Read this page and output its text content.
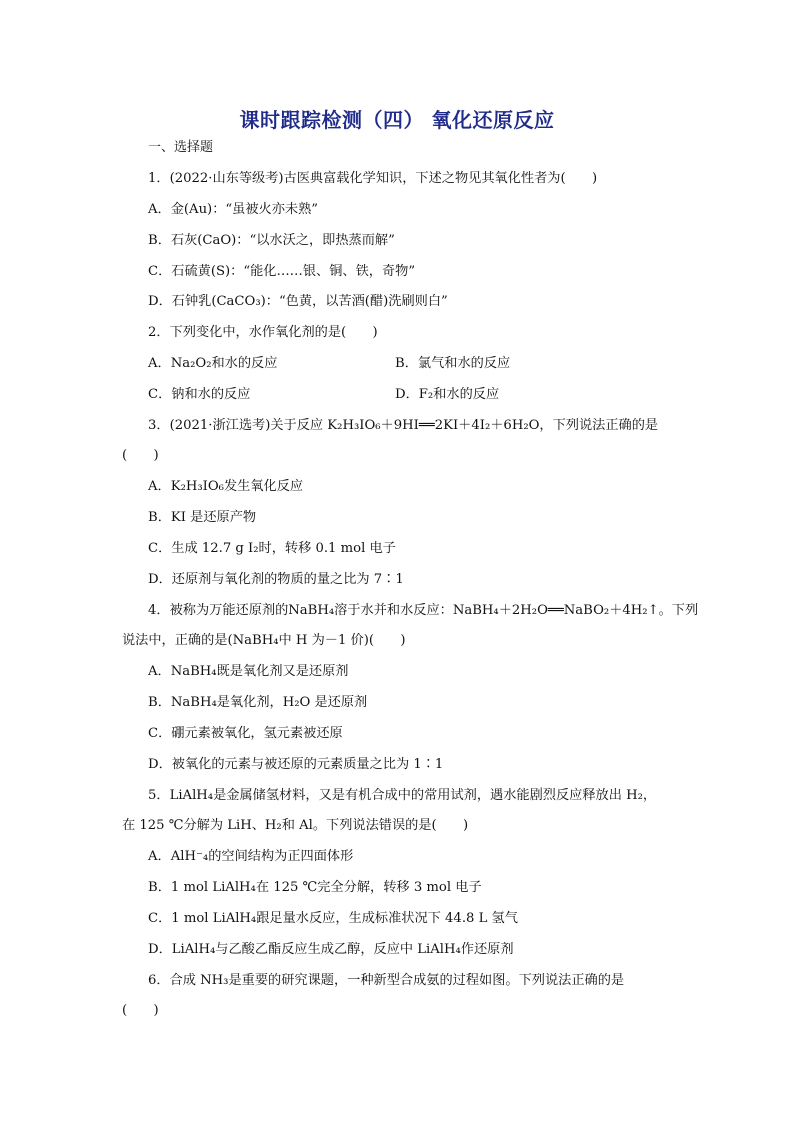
课时跟踪检测（四） 氧化还原反应
一、选择题
1．(2022·山东等级考)古医典富载化学知识，下述之物见其氧化性者为(　　)
A．金(Au)：“虽被火亦未熟”
B．石灰(CaO)：“以水沃之，即热蒸而解”
C．石硫黄(S)：“能化……银、铜、铁，奇物”
D．石钟乳(CaCO₃)：“色黄，以苦酒(醋)洗刷则白”
2．下列变化中，水作氧化剂的是(　　)
A．Na₂O₂和水的反应	B．氯气和水的反应
C．钠和水的反应	D．F₂和水的反应
3．(2021·浙江选考)关于反应 K₂H₃IO₆＋9HI══2KI＋4I₂＋6H₂O，下列说法正确的是
(　　)
A．K₂H₃IO₆发生氧化反应
B．KI 是还原产物
C．生成 12.7 g I₂时，转移 0.1 mol 电子
D．还原剂与氧化剂的物质的量之比为 7∶1
4．被称为万能还原剂的NaBH₄溶于水并和水反应：NaBH₄＋2H₂O══NaBO₂＋4H₂↑。下列
说法中，正确的是(NaBH₄中 H 为－1 价)(　　)
A．NaBH₄既是氧化剂又是还原剂
B．NaBH₄是氧化剂，H₂O 是还原剂
C．硼元素被氧化，氢元素被还原
D．被氧化的元素与被还原的元素质量之比为 1∶1
5．LiAlH₄是金属储氢材料，又是有机合成中的常用试剂，遇水能剧烈反应释放出 H₂，
在 125 ℃分解为 LiH、H₂和 Al。下列说法错误的是(　　)
A．AlH⁻₄的空间结构为正四面体形
B．1 mol LiAlH₄在 125 ℃完全分解，转移 3 mol 电子
C．1 mol LiAlH₄跟足量水反应，生成标准状况下 44.8 L 氢气
D．LiAlH₄与乙酸乙酯反应生成乙醇，反应中 LiAlH₄作还原剂
6．合成 NH₃是重要的研究课题，一种新型合成氨的过程如图。下列说法正确的是
(　　)
